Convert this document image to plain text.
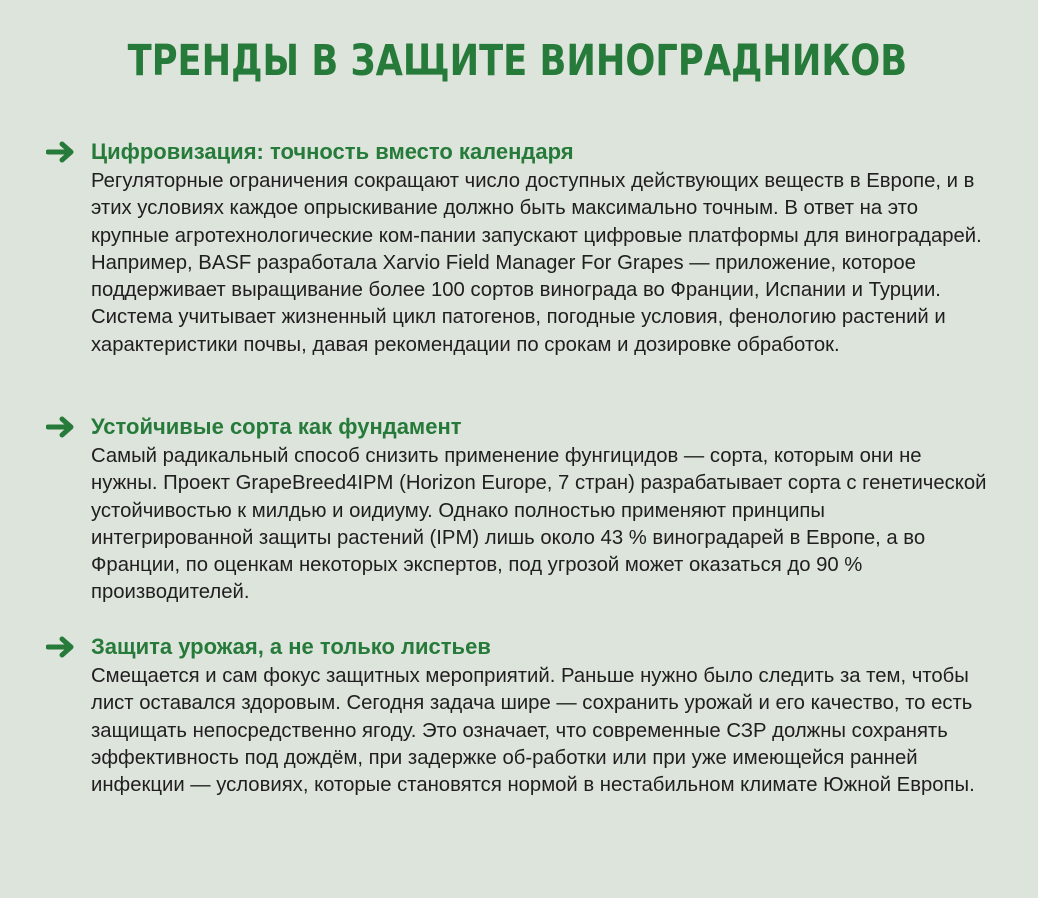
ТРЕНДЫ В ЗАЩИТЕ ВИНОГРАДНИКОВ
Цифровизация: точность вместо календаря

Регуляторные ограничения сокращают число доступных действующих веществ в Европе, и в этих условиях каждое опрыскивание должно быть максимально точным. В ответ на это крупные агротехнологические ком-пании запускают цифровые платформы для виноградарей. Например, BASF разработала Xarvio Field Manager For Grapes — приложение, которое поддерживает выращивание более 100 сортов винограда во Франции, Испании и Турции. Система учитывает жизненный цикл патогенов, погодные условия, фенологию растений и характеристики почвы, давая рекомендации по срокам и дозировке обработок.

Устойчивые сорта как фундамент

Самый радикальный способ снизить применение фунгицидов — сорта, которым они не нужны. Проект GrapeBreed4IPM (Horizon Europe, 7 стран) разрабатывает сорта с генетической устойчивостью к милдью и оидиуму. Однако полностью применяют принципы интегрированной защиты растений (IPM) лишь около 43 % виноградарей в Европе, а во Франции, по оценкам некоторых экспертов, под угрозой может оказаться до 90 % производителей.

Защита урожая, а не только листьев

Смещается и сам фокус защитных мероприятий. Раньше нужно было следить за тем, чтобы лист оставался здоровым. Сегодня задача шире — сохранить урожай и его качество, то есть защищать непосредственно ягоду. Это означает, что современные СЗР должны сохранять эффективность под дождём, при задержке об-работки или при уже имеющейся ранней инфекции — условиях, которые становятся нормой в нестабильном климате Южной Европы.
